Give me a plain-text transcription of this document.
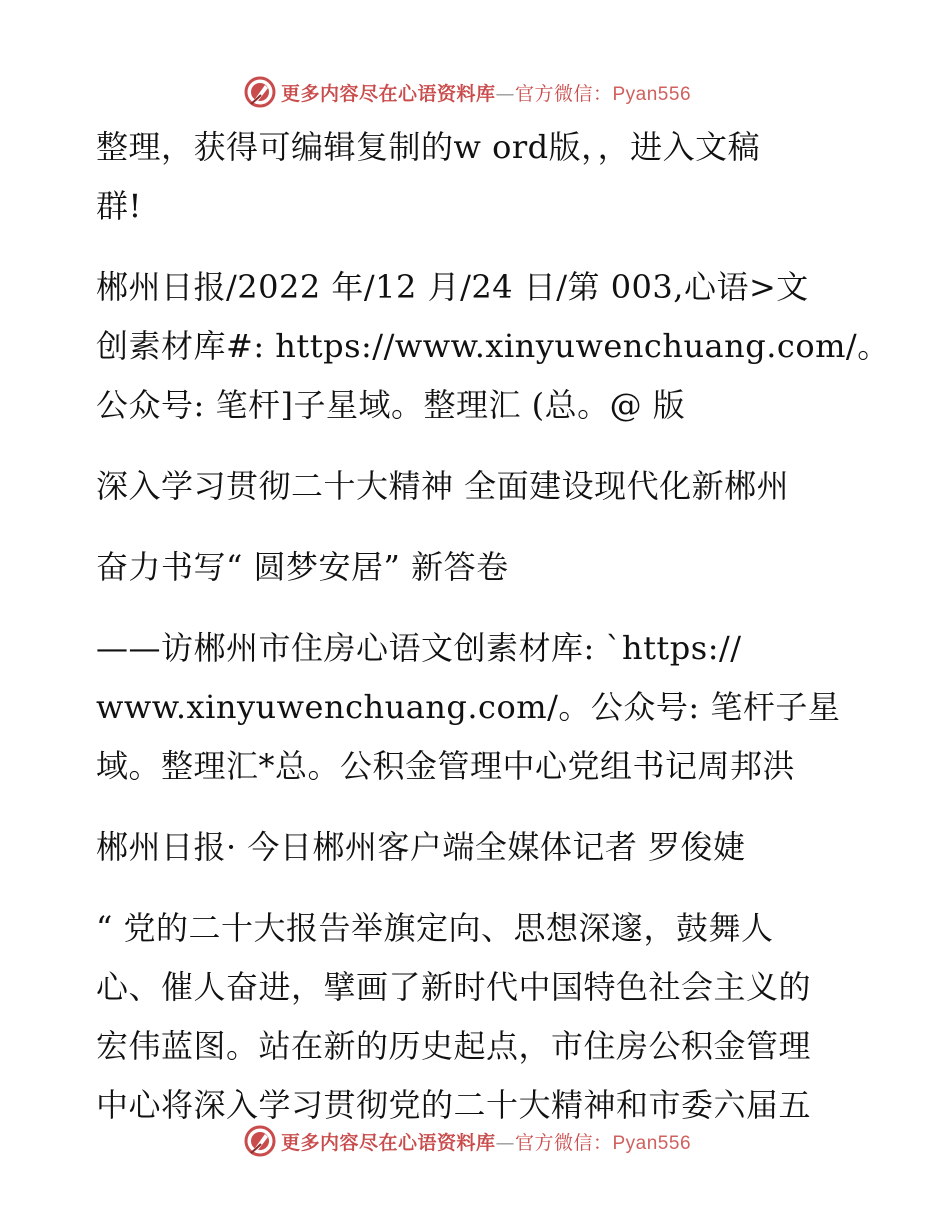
更多内容尽在心语资料库—官方微信：Pyan556
整理，获得可编辑复制的w ord版，，进入文稿
群!
郴州日报/2022 年/12 月/24 日/第 003,心语>文
创素材库#: https://www.xinyuwenchuang.com/。
公众号: 笔杆]子星域。整理汇 (总。@ 版
深入学习贯彻二十大精神 全面建设现代化新郴州
奋力书写“ 圆梦安居” 新答卷
——访郴州市住房心语文创素材库: `https://
www.xinyuwenchuang.com/。公众号: 笔杆子星
域。整理汇*总。公积金管理中心党组书记周邦洪
郴州日报· 今日郴州客户端全媒体记者 罗俊婕
“ 党的二十大报告举旗定向、思想深邃，鼓舞人
心、催人奋进，擘画了新时代中国特色社会主义的
宏伟蓝图。站在新的历史起点，市住房公积金管理
中心将深入学习贯彻党的二十大精神和市委六届五
更多内容尽在心语资料库—官方微信：Pyan556
